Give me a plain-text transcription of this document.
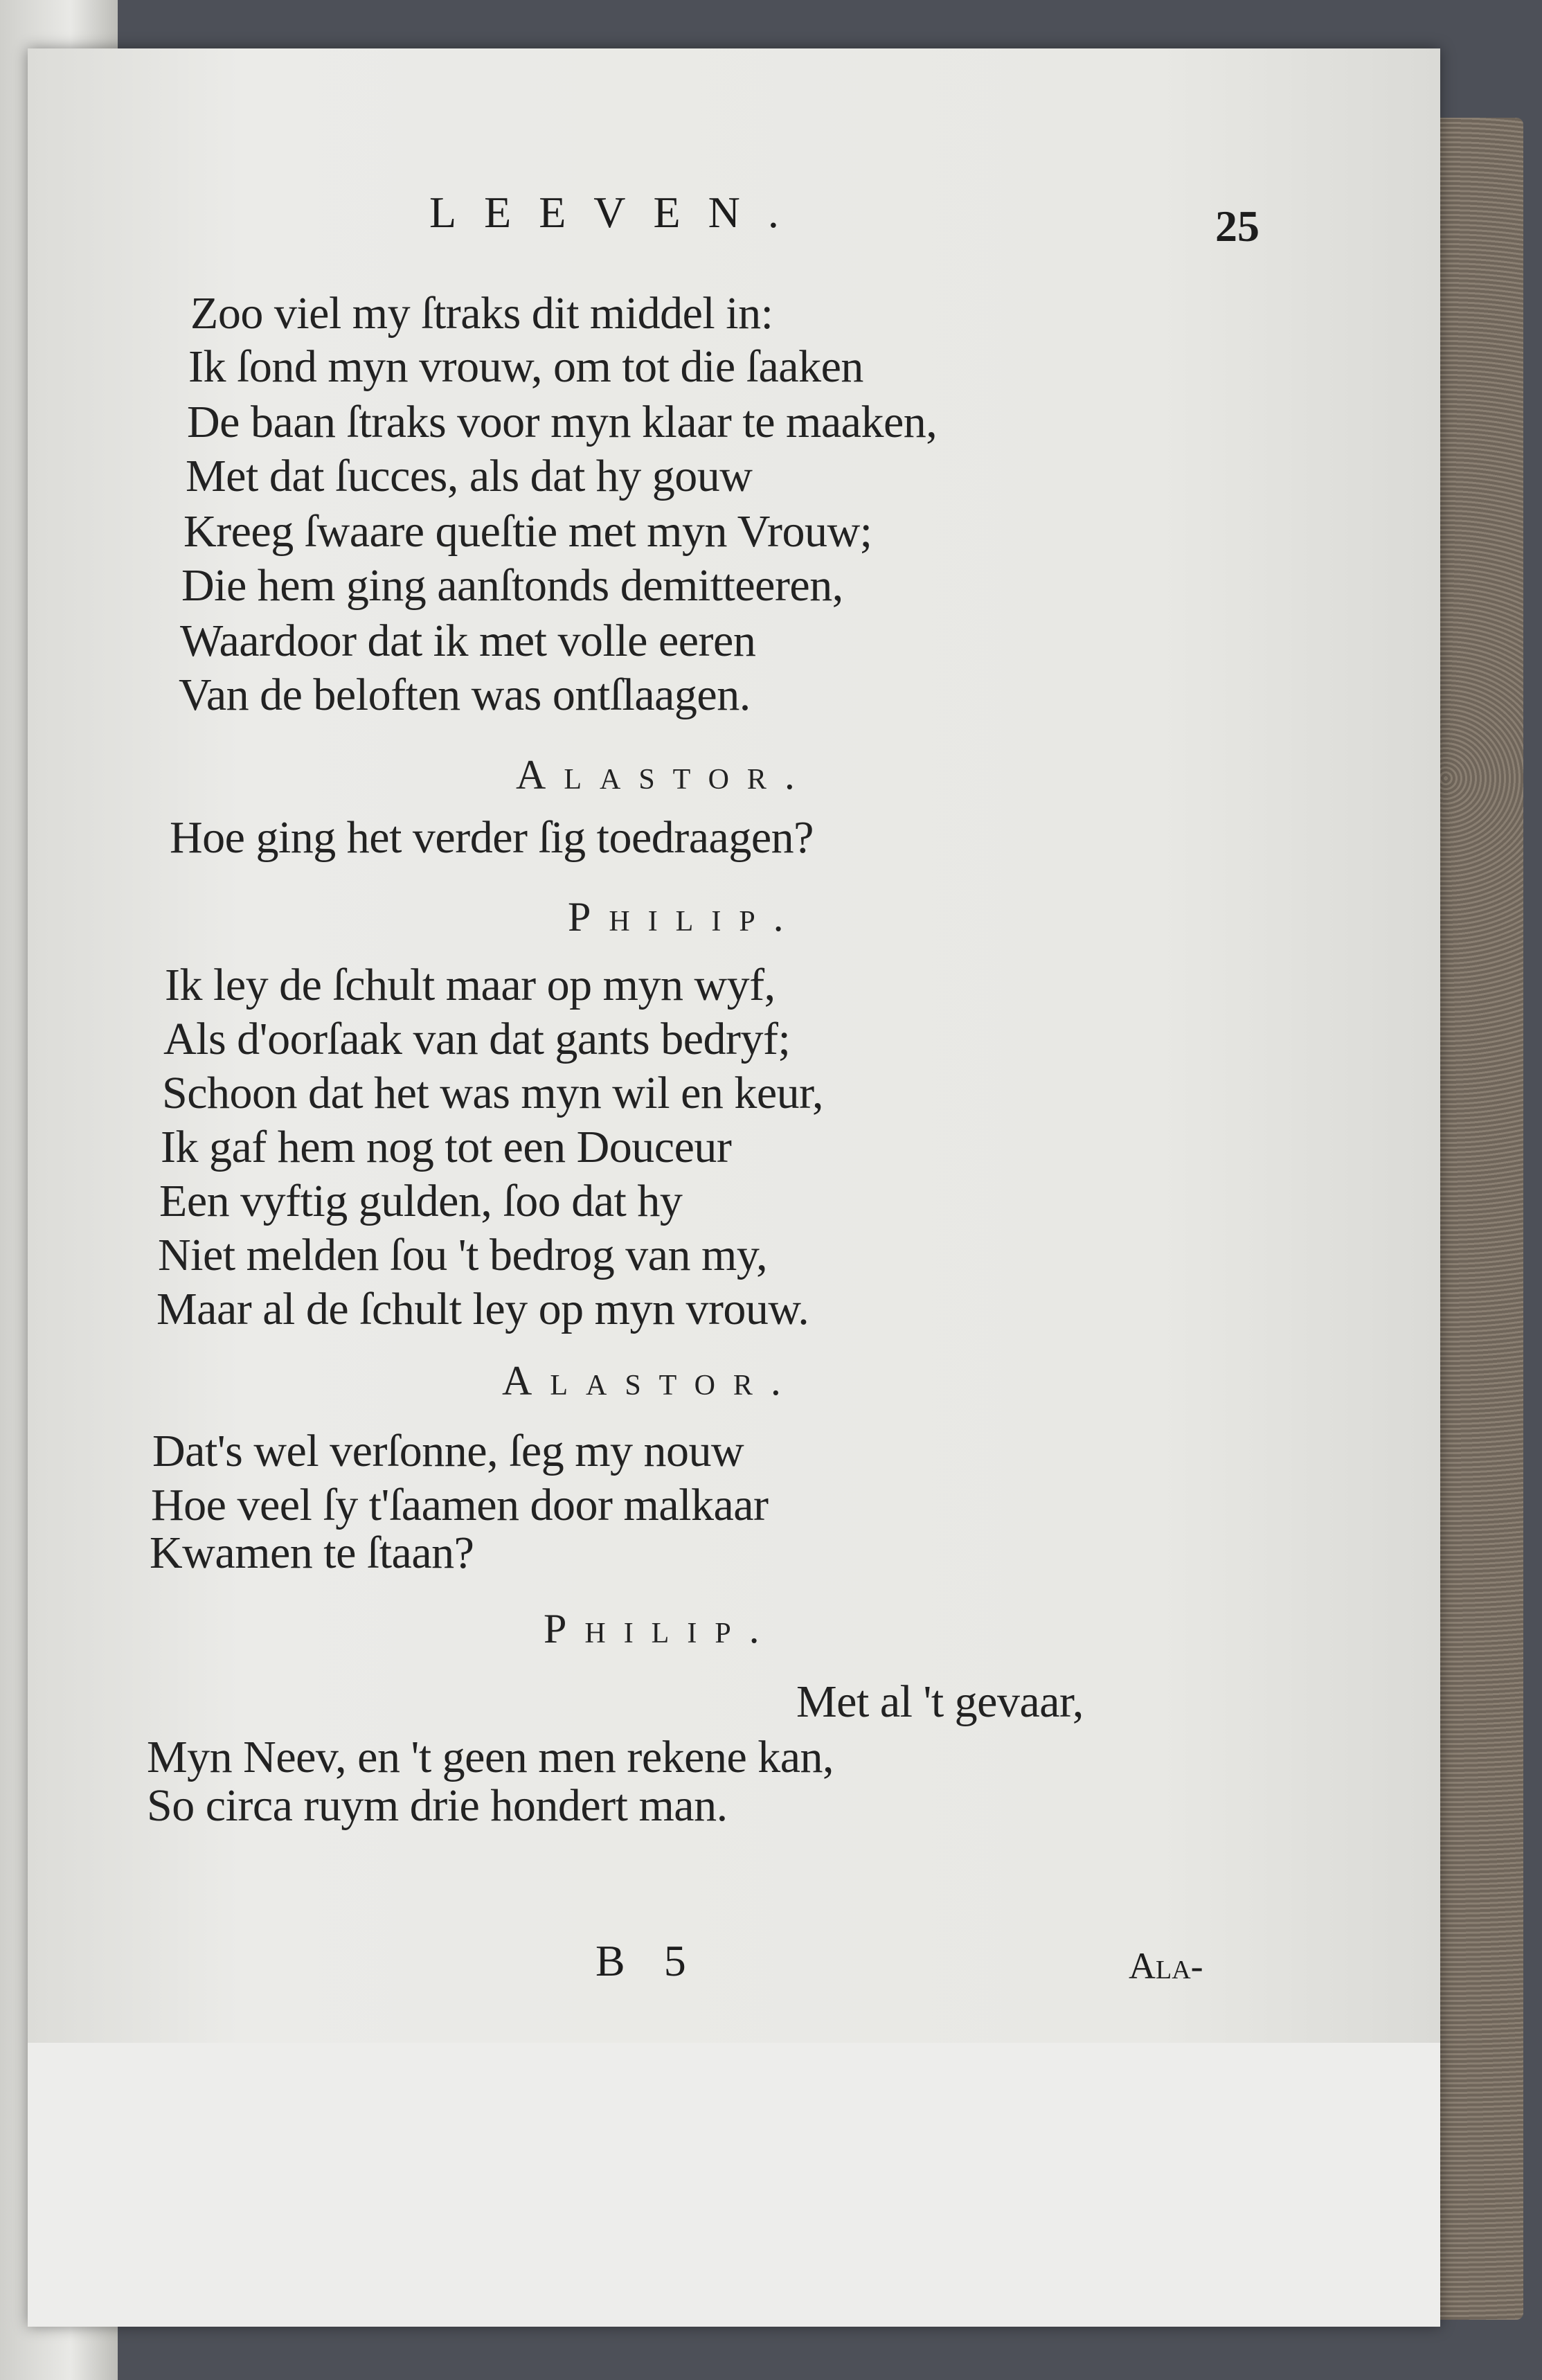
LEEVEN.	25
Zoo viel my ſtraks dit middel in:
Ik ſond myn vrouw, om tot die ſaaken
De baan ſtraks voor myn klaar te maaken,
Met dat ſucces, als dat hy gouw
Kreeg ſwaare queſtie met myn Vrouw;
Die hem ging aanſtonds demitteeren,
Waardoor dat ik met volle eeren
Van de beloften was ontſlaagen.
Alastor.
Hoe ging het verder ſig toedraagen?
Philip.
Ik ley de ſchult maar op myn wyf,
Als d'oorſaak van dat gants bedryf;
Schoon dat het was myn wil en keur,
Ik gaf hem nog tot een Douceur
Een vyftig gulden, ſoo dat hy
Niet melden ſou 't bedrog van my,
Maar al de ſchult ley op myn vrouw.
Alastor.
Dat's wel verſonne, ſeg my nouw
Hoe veel ſy t'ſaamen door malkaar
Kwamen te ſtaan?
Philip.
Met al 't gevaar,
Myn Neev, en 't geen men rekene kan,
So circa ruym drie hondert man.
B 5	Ala-
